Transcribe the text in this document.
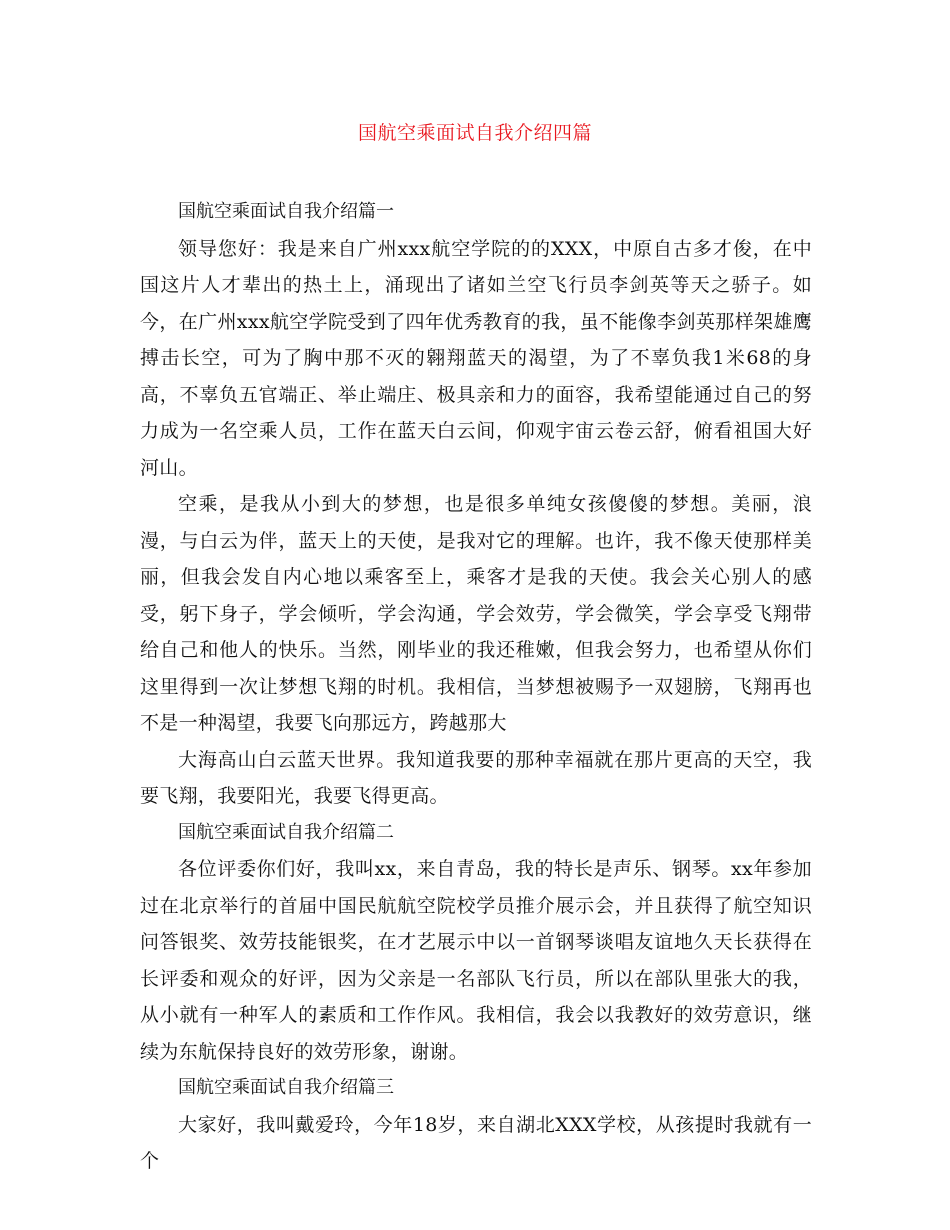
国航空乘面试自我介绍四篇

国航空乘面试自我介绍篇一

领导您好：我是来自广州xxx航空学院的的XXX，中原自古多才俊，在中国这片人才辈出的热土上，涌现出了诸如兰空飞行员李剑英等天之骄子。如今，在广州xxx航空学院受到了四年优秀教育的我，虽不能像李剑英那样架雄鹰搏击长空，可为了胸中那不灭的翱翔蓝天的渴望，为了不辜负我1米68的身高，不辜负五官端正、举止端庄、极具亲和力的面容，我希望能通过自己的努力成为一名空乘人员，工作在蓝天白云间，仰观宇宙云卷云舒，俯看祖国大好河山。

空乘，是我从小到大的梦想，也是很多单纯女孩傻傻的梦想。美丽，浪漫，与白云为伴，蓝天上的天使，是我对它的理解。也许，我不像天使那样美丽，但我会发自内心地以乘客至上，乘客才是我的天使。我会关心别人的感受，躬下身子，学会倾听，学会沟通，学会效劳，学会微笑，学会享受飞翔带给自己和他人的快乐。当然，刚毕业的我还稚嫩，但我会努力，也希望从你们这里得到一次让梦想飞翔的时机。我相信，当梦想被赐予一双翅膀，飞翔再也不是一种渴望，我要飞向那远方，跨越那大

大海高山白云蓝天世界。我知道我要的那种幸福就在那片更高的天空，我要飞翔，我要阳光，我要飞得更高。

国航空乘面试自我介绍篇二

各位评委你们好，我叫xx，来自青岛，我的特长是声乐、钢琴。xx年参加过在北京举行的首届中国民航航空院校学员推介展示会，并且获得了航空知识问答银奖、效劳技能银奖，在才艺展示中以一首钢琴谈唱友谊地久天长获得在长评委和观众的好评，因为父亲是一名部队飞行员，所以在部队里张大的我，从小就有一种军人的素质和工作作风。我相信，我会以我教好的效劳意识，继续为东航保持良好的效劳形象，谢谢。

国航空乘面试自我介绍篇三

大家好，我叫戴爱玲，今年18岁，来自湖北XXX学校，从孩提时我就有一个
